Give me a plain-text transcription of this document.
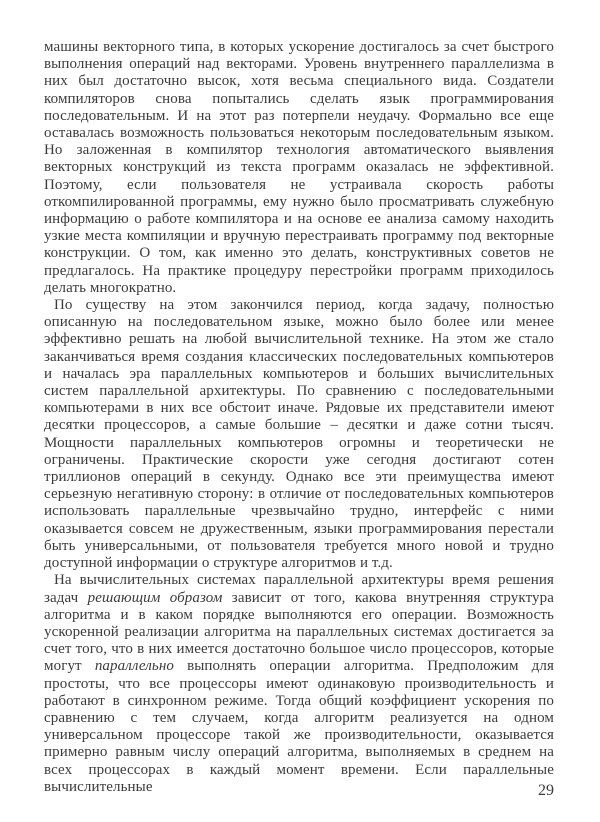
машины векторного типа, в которых ускорение достигалось за счет быстрого выполнения операций над векторами. Уровень внутреннего параллелизма в них был достаточно высок, хотя весьма специального вида. Создатели компиляторов снова попытались сделать язык программирования последовательным. И на этот раз потерпели неудачу. Формально все еще оставалась возможность пользоваться некоторым последовательным языком. Но заложенная в компилятор технология автоматического выявления векторных конструкций из текста программ оказалась не эффективной. Поэтому, если пользователя не устраивала скорость работы откомпилированной программы, ему нужно было просматривать служебную информацию о работе компилятора и на основе ее анализа самому находить узкие места компиляции и вручную перестраивать программу под векторные конструкции. О том, как именно это делать, конструктивных советов не предлагалось. На практике процедуру перестройки программ приходилось делать многократно.

По существу на этом закончился период, когда задачу, полностью описанную на последовательном языке, можно было более или менее эффективно решать на любой вычислительной технике. На этом же стало заканчиваться время создания классических последовательных компьютеров и началась эра параллельных компьютеров и больших вычислительных систем параллельной архитектуры. По сравнению с последовательными компьютерами в них все обстоит иначе. Рядовые их представители имеют десятки процессоров, а самые большие – десятки и даже сотни тысяч. Мощности параллельных компьютеров огромны и теоретически не ограничены. Практические скорости уже сегодня достигают сотен триллионов операций в секунду. Однако все эти преимущества имеют серьезную негативную сторону: в отличие от последовательных компьютеров использовать параллельные чрезвычайно трудно, интерфейс с ними оказывается совсем не дружественным, языки программирования перестали быть универсальными, от пользователя требуется много новой и трудно доступной информации о структуре алгоритмов и т.д.

На вычислительных системах параллельной архитектуры время решения задач решающим образом зависит от того, какова внутренняя структура алгоритма и в каком порядке выполняются его операции. Возможность ускоренной реализации алгоритма на параллельных системах достигается за счет того, что в них имеется достаточно большое число процессоров, которые могут параллельно выполнять операции алгоритма. Предположим для простоты, что все процессоры имеют одинаковую производительность и работают в синхронном режиме. Тогда общий коэффициент ускорения по сравнению с тем случаем, когда алгоритм реализуется на одном универсальном процессоре такой же производительности, оказывается примерно равным числу операций алгоритма, выполняемых в среднем на всех процессорах в каждый момент времени. Если параллельные вычислительные	29
